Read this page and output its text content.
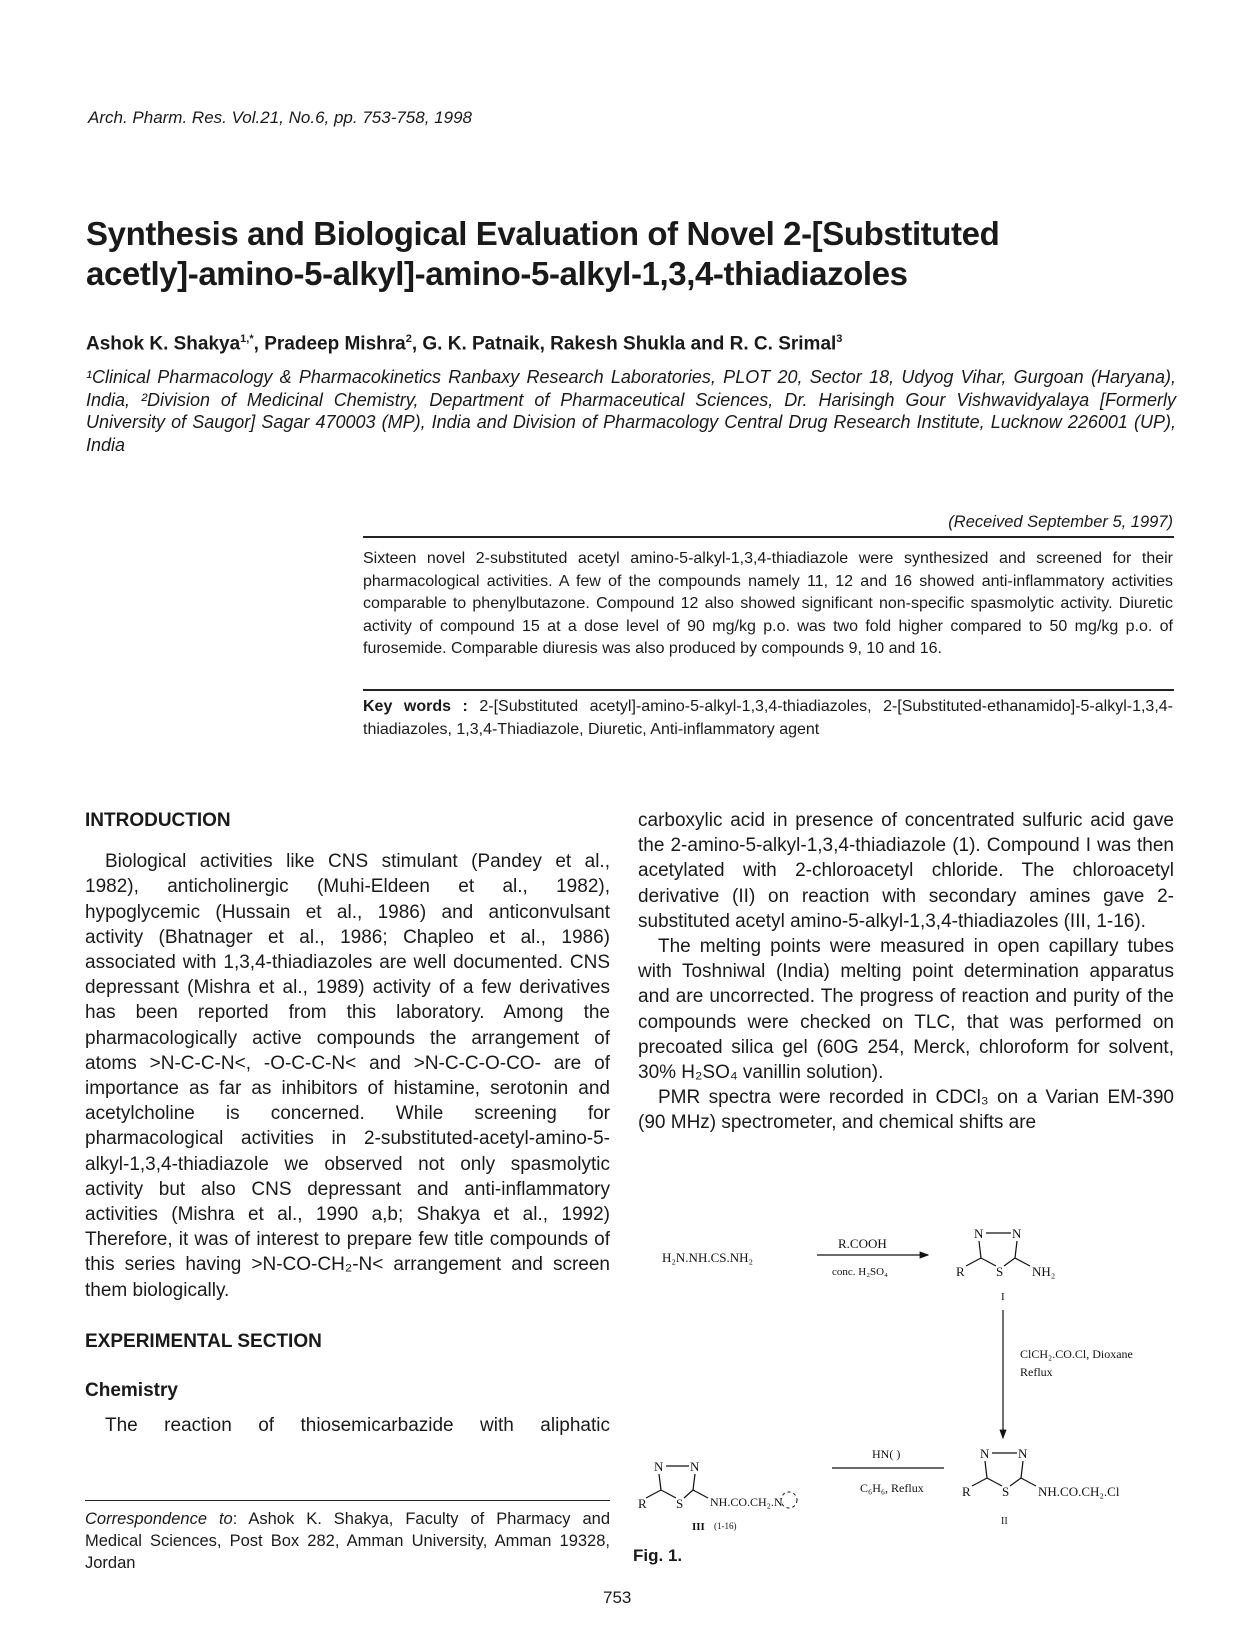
Arch. Pharm. Res. Vol.21, No.6, pp. 753-758, 1998
Synthesis and Biological Evaluation of Novel 2-[Substituted
acetly]-amino-5-alkyl]-amino-5-alkyl-1,3,4-thiadiazoles
Ashok K. Shakya$^{1,*}$, Pradeep Mishra$^2$, G. K. Patnaik, Rakesh Shukla and R. C. Srimal$^3$
¹Clinical Pharmacology & Pharmacokinetics Ranbaxy Research Laboratories, PLOT 20, Sector 18, Udyog Vihar, Gurgoan (Haryana), India, ²Division of Medicinal Chemistry, Department of Pharmaceutical Sciences, Dr. Harisingh Gour Vishwavidyalaya [Formerly University of Saugor] Sagar 470003 (MP), India and Division of Pharmacology Central Drug Research Institute, Lucknow 226001 (UP), India
(Received September 5, 1997)
Sixteen novel 2-substituted acetyl amino-5-alkyl-1,3,4-thiadiazole were synthesized and screened for their pharmacological activities. A few of the compounds namely 11, 12 and 16 showed anti-inflammatory activities comparable to phenylbutazone. Compound 12 also showed significant non-specific spasmolytic activity. Diuretic activity of compound 15 at a dose level of 90 mg/kg p.o. was two fold higher compared to 50 mg/kg p.o. of furosemide. Comparable diuresis was also produced by compounds 9, 10 and 16.
Key words : 2-[Substituted acetyl]-amino-5-alkyl-1,3,4-thiadiazoles, 2-[Substituted-ethanamido]-5-alkyl-1,3,4-thiadiazoles, 1,3,4-Thiadiazole, Diuretic, Anti-inflammatory agent
INTRODUCTION

Biological activities like CNS stimulant (Pandey et al., 1982), anticholinergic (Muhi-Eldeen et al., 1982), hypoglycemic (Hussain et al., 1986) and anticonvulsant activity (Bhatnager et al., 1986; Chapleo et al., 1986) associated with 1,3,4-thiadiazoles are well documented. CNS depressant (Mishra et al., 1989) activity of a few derivatives has been reported from this laboratory. Among the pharmacologically active compounds the arrangement of atoms >N-C-C-N<, -O-C-C-N< and >N-C-C-O-CO- are of importance as far as inhibitors of histamine, serotonin and acetylcholine is concerned. While screening for pharmacological activities in 2-substituted-acetyl-amino-5-alkyl-1,3,4-thiadiazole we observed not only spasmolytic activity but also CNS depressant and anti-inflammatory activities (Mishra et al., 1990 a,b; Shakya et al., 1992) Therefore, it was of interest to prepare few title compounds of this series having >N-CO-CH₂-N< arrangement and screen them biologically.

EXPERIMENTAL SECTION
Chemistry

The reaction of thiosemicarbazide with aliphatic

Correspondence to: Ashok K. Shakya, Faculty of Pharmacy and Medical Sciences, Post Box 282, Amman University, Amman 19328, Jordan

carboxylic acid in presence of concentrated sulfuric acid gave the 2-amino-5-alkyl-1,3,4-thiadiazole (1). Compound I was then acetylated with 2-chloroacetyl chloride. The chloroacetyl derivative (II) on reaction with secondary amines gave 2-substituted acetyl amino-5-alkyl-1,3,4-thiadiazoles (III, 1-16).

The melting points were measured in open capillary tubes with Toshniwal (India) melting point determination apparatus and are uncorrected. The progress of reaction and purity of the compounds were checked on TLC, that was performed on precoated silica gel (60G 254, Merck, chloroform for solvent, 30% H₂SO₄ vanillin solution).

PMR spectra were recorded in CDCl₃ on a Varian EM-390 (90 MHz) spectrometer, and chemical shifts are

H₂N.NH.CS.NH₂
R.COOH
conc. H₂SO₄
N N
R S NH₂
I
ClCH₂.CO.Cl, Dioxane
Reflux
N N
R S NH.CO.CH₂.Cl
II
HN( )
C₆H₆, Reflux
N N
R S NH.CO.CH₂.N
III (1-16)
Fig. 1.
753
